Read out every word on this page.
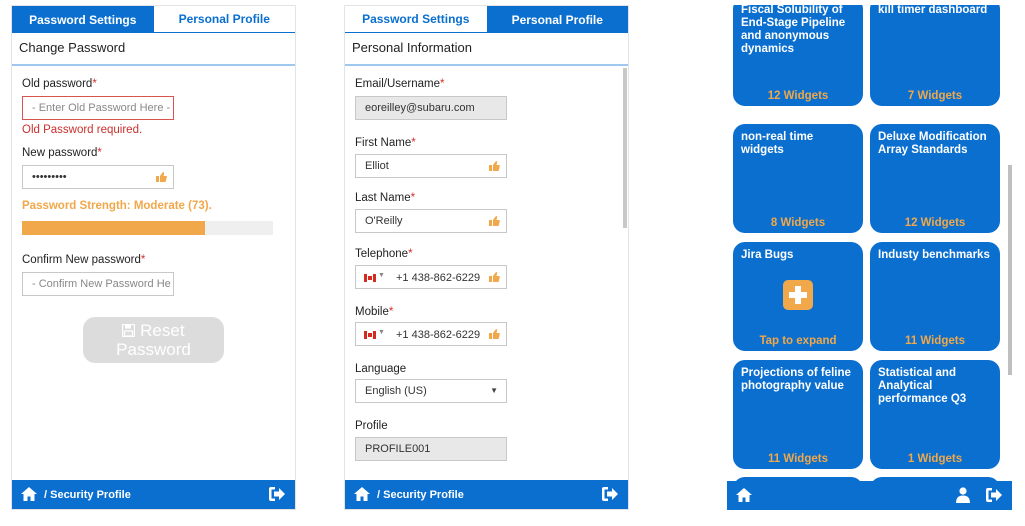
Password Settings	Personal Profile
Change Password
Old password*
- Enter Old Password Here -
Old Password required.
New password*
•••••••••
Password Strength: Moderate (73).
Confirm New password*
- Confirm New Password He
Reset
Password
/ Security Profile
Password Settings	Personal Profile
Personal Information
Email/Username*
eoreilley@subaru.com
First Name*
Elliot
Last Name*
O'Reilly
Telephone*
▼ +1 438-862-6229
Mobile*
▼ +1 438-862-6229
Language
English (US)	▼
Profile
PROFILE001
/ Security Profile
Fiscal Solubility of End-Stage Pipeline and anonymous dynamics
12 Widgets
kill timer dashboard
7 Widgets
non-real time widgets
8 Widgets
Deluxe Modification Array Standards
12 Widgets
Jira Bugs
Tap to expand
Industy benchmarks
11 Widgets
Projections of feline photography value
11 Widgets
Statistical and Analytical performance Q3
1 Widgets
